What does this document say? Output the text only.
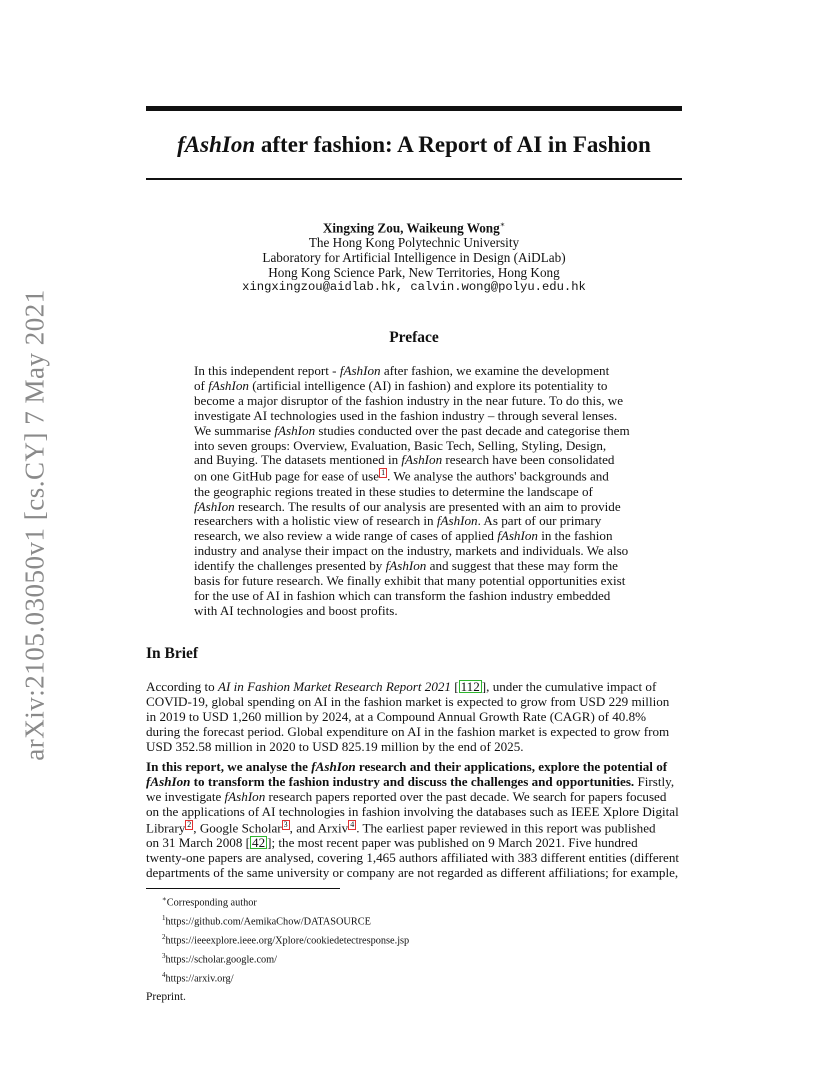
arXiv:2105.03050v1 [cs.CY] 7 May 2021
fAshIon after fashion: A Report of AI in Fashion
Xingxing Zou, Waikeung Wong∗
The Hong Kong Polytechnic University
Laboratory for Artificial Intelligence in Design (AiDLab)
Hong Kong Science Park, New Territories, Hong Kong
xingxingzou@aidlab.hk, calvin.wong@polyu.edu.hk
Preface
In this independent report - fAshIon after fashion, we examine the development
of fAshIon (artificial intelligence (AI) in fashion) and explore its potentiality to
become a major disruptor of the fashion industry in the near future. To do this, we
investigate AI technologies used in the fashion industry – through several lenses.
We summarise fAshIon studies conducted over the past decade and categorise them
into seven groups: Overview, Evaluation, Basic Tech, Selling, Styling, Design,
and Buying. The datasets mentioned in fAshIon research have been consolidated
on one GitHub page for ease of use 1 . We analyse the authors' backgrounds and
the geographic regions treated in these studies to determine the landscape of
fAshIon research. The results of our analysis are presented with an aim to provide
researchers with a holistic view of research in fAshIon. As part of our primary
research, we also review a wide range of cases of applied fAshIon in the fashion
industry and analyse their impact on the industry, markets and individuals. We also
identify the challenges presented by fAshIon and suggest that these may form the
basis for future research. We finally exhibit that many potential opportunities exist
for the use of AI in fashion which can transform the fashion industry embedded
with AI technologies and boost profits.
In Brief
According to AI in Fashion Market Research Report 2021 [ 112 ], under the cumulative impact of
COVID-19, global spending on AI in the fashion market is expected to grow from USD 229 million
in 2019 to USD 1,260 million by 2024, at a Compound Annual Growth Rate (CAGR) of 40.8%
during the forecast period. Global expenditure on AI in the fashion market is expected to grow from
USD 352.58 million in 2020 to USD 825.19 million by the end of 2025.
In this report, we analyse the fAshIon research and their applications, explore the potential of
fAshIon to transform the fashion industry and discuss the challenges and opportunities. Firstly,
we investigate fAshIon research papers reported over the past decade. We search for papers focused
on the applications of AI technologies in fashion involving the databases such as IEEE Xplore Digital
Library 2 , Google Scholar 3 , and Arxiv 4 . The earliest paper reviewed in this report was published
on 31 March 2008 [ 42 ]; the most recent paper was published on 9 March 2021. Five hundred
twenty-one papers are analysed, covering 1,465 authors affiliated with 383 different entities (different
departments of the same university or company are not regarded as different affiliations; for example,
∗Corresponding author
$^1$https://github.com/AemikaChow/DATASOURCE
$^2$https://ieeexplore.ieee.org/Xplore/cookiedetectresponse.jsp
$^3$https://scholar.google.com/
$^4$https://arxiv.org/
Preprint.
